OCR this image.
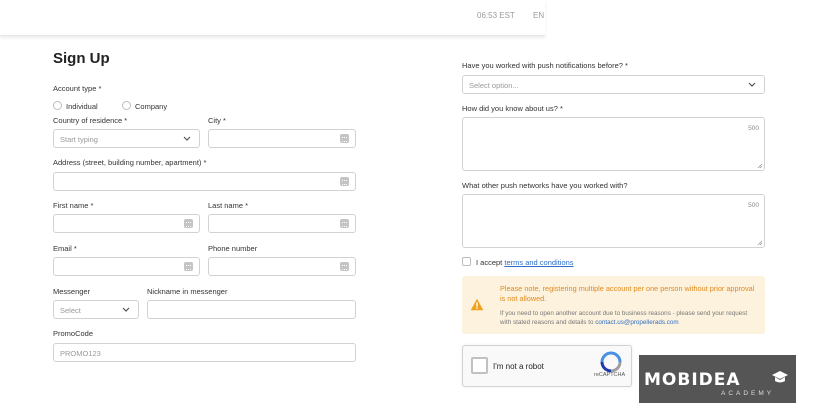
06:53 EST EN
Sign Up
Account type *
Individual	Company
Country of residence *
Start typing
City *
Address (street, building number, apartment) *
First name *	Last name *
Email *	Phone number
Messenger
Select
Nickname in messenger
PromoCode
PROMO123
Have you worked with push notifications before? *
Select option...
How did you know about us? *
500
What other push networks have you worked with?
500
I accept terms and conditions
Please note, registering multiple account per one person without prior approval is not allowed.
If you need to open another account due to business reasons - please send your request with stated reasons and details to contact.us@propellerads.com
I'm not a robot
reCAPTCHA MOBIDEA
ACADEMY
